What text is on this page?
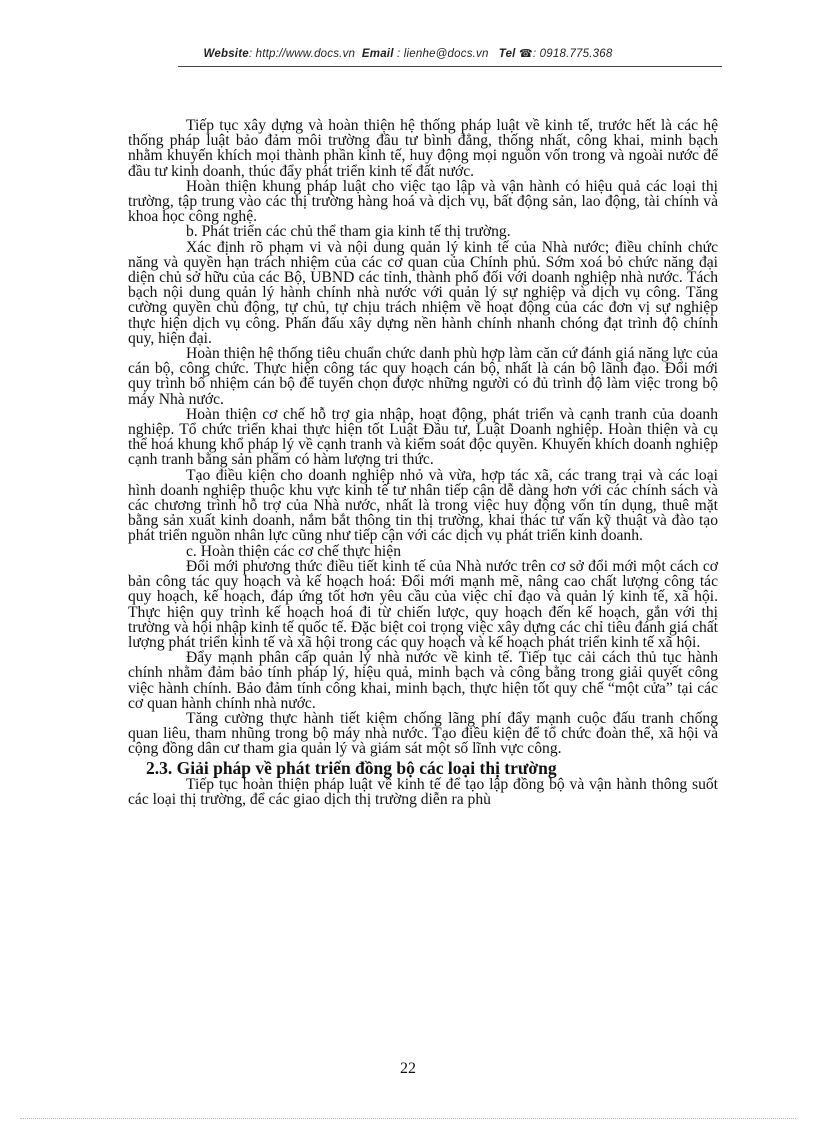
Website: http://www.docs.vn Email : lienhe@docs.vn Tel ☎: 0918.775.368

Tiếp tục xây dựng và hoàn thiện hệ thống pháp luật về kinh tế, trước hết là các hệ thống pháp luật bảo đảm môi trường đầu tư bình đẳng, thống nhất, công khai, minh bạch nhằm khuyến khích mọi thành phần kinh tế, huy động mọi nguồn vốn trong và ngoài nước để đầu tư kinh doanh, thúc đẩy phát triển kinh tế đất nước.

Hoàn thiện khung pháp luật cho việc tạo lập và vận hành có hiệu quả các loại thị trường, tập trung vào các thị trường hàng hoá và dịch vụ, bất động sản, lao động, tài chính và khoa học công nghệ.

b. Phát triển các chủ thể tham gia kinh tế thị trường.

Xác định rõ phạm vi và nội dung quản lý kinh tế của Nhà nước; điều chỉnh chức năng và quyền hạn trách nhiệm của các cơ quan của Chính phủ. Sớm xoá bỏ chức năng đại diện chủ sở hữu của các Bộ, UBND các tỉnh, thành phố đối với doanh nghiệp nhà nước. Tách bạch nội dung quản lý hành chính nhà nước với quản lý sự nghiệp và dịch vụ công. Tăng cường quyền chủ động, tự chủ, tự chịu trách nhiệm về hoạt động của các đơn vị sự nghiệp thực hiện dịch vụ công. Phấn đấu xây dựng nền hành chính nhanh chóng đạt trình độ chính quy, hiện đại.

Hoàn thiện hệ thống tiêu chuẩn chức danh phù hợp làm căn cứ đánh giá năng lực của cán bộ, công chức. Thực hiện công tác quy hoạch cán bộ, nhất là cán bộ lãnh đạo. Đổi mới quy trình bổ nhiệm cán bộ để tuyển chọn được những người có đủ trình độ làm việc trong bộ máy Nhà nước.

Hoàn thiện cơ chế hỗ trợ gia nhập, hoạt động, phát triển và cạnh tranh của doanh nghiệp. Tổ chức triển khai thực hiện tốt Luật Đầu tư, Luật Doanh nghiệp. Hoàn thiện và cụ thể hoá khung khổ pháp lý về cạnh tranh và kiểm soát độc quyền. Khuyến khích doanh nghiệp cạnh tranh bằng sản phẩm có hàm lượng tri thức.

Tạo điều kiện cho doanh nghiệp nhỏ và vừa, hợp tác xã, các trang trại và các loại hình doanh nghiệp thuộc khu vực kinh tế tư nhân tiếp cận dễ dàng hơn với các chính sách và các chương trình hỗ trợ của Nhà nước, nhất là trong việc huy động vốn tín dụng, thuê mặt bằng sản xuất kinh doanh, nắm bắt thông tin thị trường, khai thác tư vấn kỹ thuật và đào tạo phát triển nguồn nhân lực cũng như tiếp cận với các dịch vụ phát triển kinh doanh.

c. Hoàn thiện các cơ chế thực hiện

Đổi mới phương thức điều tiết kinh tế của Nhà nước trên cơ sở đổi mới một cách cơ bản công tác quy hoạch và kế hoạch hoá: Đổi mới mạnh mẽ, nâng cao chất lượng công tác quy hoạch, kế hoạch, đáp ứng tốt hơn yêu cầu của việc chỉ đạo và quản lý kinh tế, xã hội. Thực hiện quy trình kế hoạch hoá đi từ chiến lược, quy hoạch đến kế hoạch, gắn với thị trường và hội nhập kinh tế quốc tế. Đặc biệt coi trọng việc xây dựng các chỉ tiêu đánh giá chất lượng phát triển kinh tế và xã hội trong các quy hoạch và kế hoạch phát triển kinh tế xã hội.

Đẩy mạnh phân cấp quản lý nhà nước về kinh tế. Tiếp tục cải cách thủ tục hành chính nhằm đảm bảo tính pháp lý, hiệu quả, minh bạch và công bằng trong giải quyết công việc hành chính. Bảo đảm tính công khai, minh bạch, thực hiện tốt quy chế “một cửa” tại các cơ quan hành chính nhà nước.

Tăng cường thực hành tiết kiệm chống lãng phí đẩy mạnh cuộc đấu tranh chống quan liêu, tham nhũng trong bộ máy nhà nước. Tạo điều kiện để tổ chức đoàn thể, xã hội và cộng đồng dân cư tham gia quản lý và giám sát một số lĩnh vực công.

2.3. Giải pháp về phát triển đồng bộ các loại thị trường

Tiếp tục hoàn thiện pháp luật về kinh tế để tạo lập đồng bộ và vận hành thông suốt các loại thị trường, để các giao dịch thị trường diễn ra phù

22
